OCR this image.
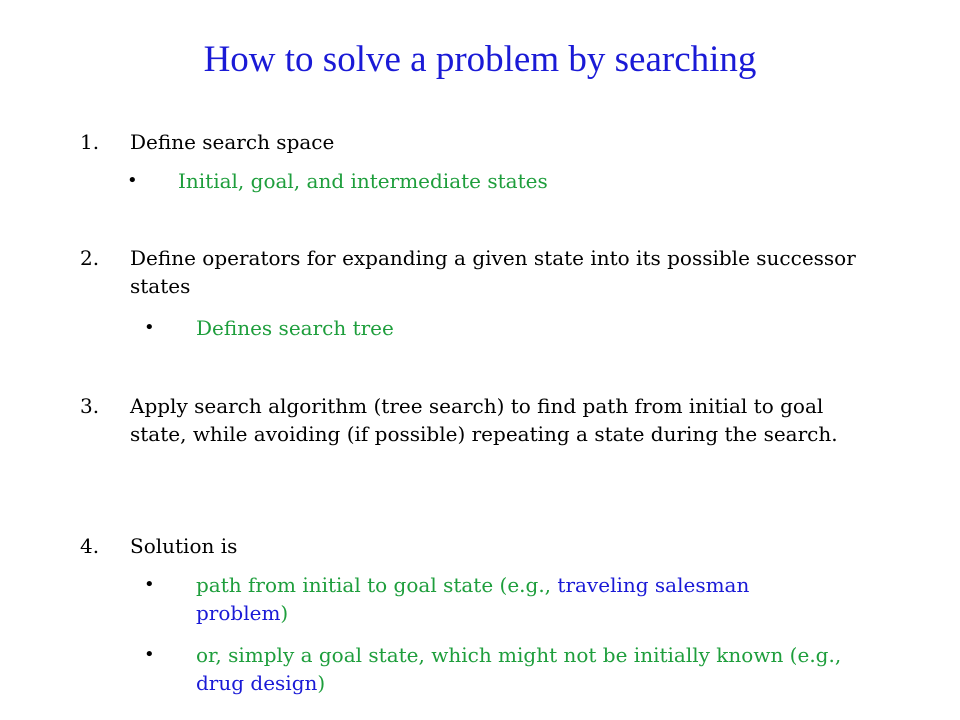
How to solve a problem by searching
1. Define search space
• Initial, goal, and intermediate states
2. Define operators for expanding a given state into its possible successor states
• Defines search tree
3. Apply search algorithm (tree search) to find path from initial to goal state, while avoiding (if possible) repeating a state during the search.
4. Solution is
• path from initial to goal state (e.g., traveling salesman problem)
• or, simply a goal state, which might not be initially known (e.g., drug design)
